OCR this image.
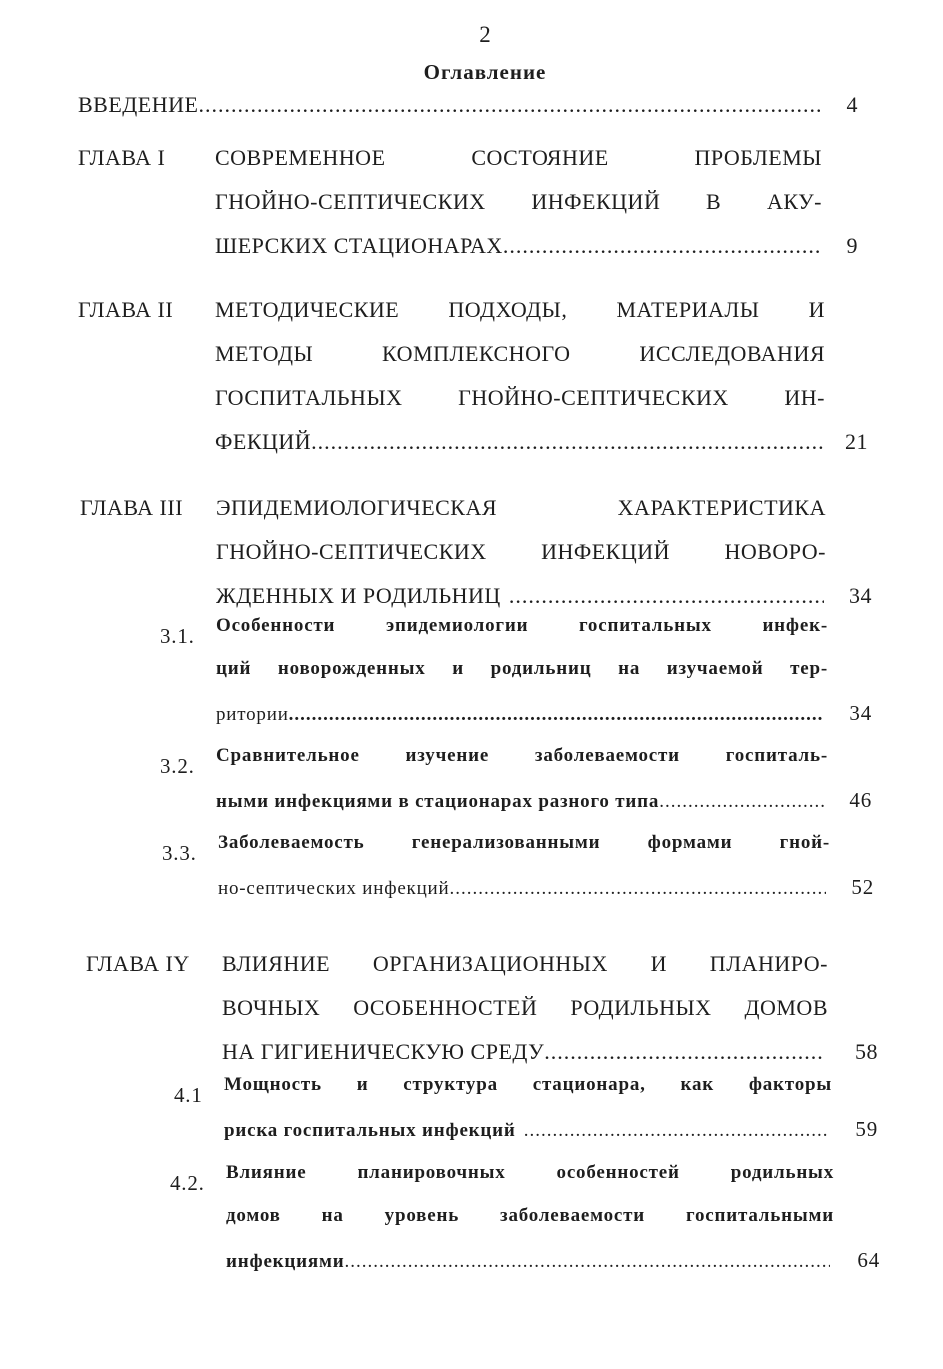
2
Оглавление
ВВЕДЕНИЕ .....	4
ГЛАВА I СОВРЕМЕННОЕ СОСТОЯНИЕ ПРОБЛЕМЫ
ГНОЙНО-СЕПТИЧЕСКИХ ИНФЕКЦИЙ В АКУ-
ШЕРСКИХ СТАЦИОНАРАХ .....	9
ГЛАВА II МЕТОДИЧЕСКИЕ ПОДХОДЫ, МАТЕРИАЛЫ И
МЕТОДЫ КОМПЛЕКСНОГО ИССЛЕДОВАНИЯ
ГОСПИТАЛЬНЫХ ГНОЙНО-СЕПТИЧЕСКИХ ИН-
ФЕКЦИЙ .....	21
ГЛАВА III ЭПИДЕМИОЛОГИЧЕСКАЯ ХАРАКТЕРИСТИКА
ГНОЙНО-СЕПТИЧЕСКИХ ИНФЕКЦИЙ НОВОРО-
ЖДЕННЫХ И РОДИЛЬНИЦ .....	34
3.1. Особенности эпидемиологии госпитальных инфек-
ций новорожденных и родильниц на изучаемой тер-
ритории .....	34
3.2. Сравнительное изучение заболеваемости госпиталь-
ными инфекциями в стационарах разного типа .....	46
3.3. Заболеваемость генерализованными формами гной-
но-септических инфекций .....	52
ГЛАВА IY ВЛИЯНИЕ ОРГАНИЗАЦИОННЫХ И ПЛАНИРО-
ВОЧНЫХ ОСОБЕННОСТЕЙ РОДИЛЬНЫХ ДОМОВ
НА ГИГИЕНИЧЕСКУЮ СРЕДУ .....	58
4.1 Мощность и структура стационара, как факторы
риска госпитальных инфекций .....	59
4.2. Влияние планировочных особенностей родильных
домов на уровень заболеваемости госпитальными
инфекциями .....	64
